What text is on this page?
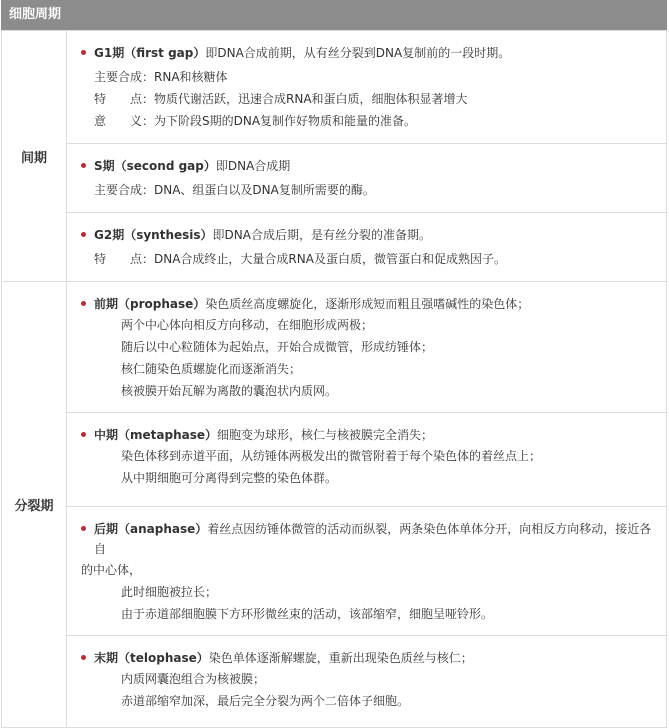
细胞周期
间期	G1期（first gap）即DNA合成前期，从有丝分裂到DNA复制前的一段时期。
主要合成：RNA和核糖体
特　　点：物质代谢活跃，迅速合成RNA和蛋白质，细胞体积显著增大
意　　义：为下阶段S期的DNA复制作好物质和能量的准备。

S期（second gap）即DNA合成期
主要合成：DNA、组蛋白以及DNA复制所需要的酶。

G2期（synthesis）即DNA合成后期，是有丝分裂的准备期。
特　　点：DNA合成终止，大量合成RNA及蛋白质，微管蛋白和促成熟因子。

分裂期	前期（prophase）染色质丝高度螺旋化，逐渐形成短而粗且强嗜碱性的染色体；
两个中心体向相反方向移动，在细胞形成两极；
随后以中心粒随体为起始点，开始合成微管，形成纺锤体；
核仁随染色质螺旋化而逐渐消失；
核被膜开始瓦解为离散的囊泡状内质网。

中期（metaphase）细胞变为球形，核仁与核被膜完全消失；
染色体移到赤道平面，从纺锤体两极发出的微管附着于每个染色体的着丝点上；
从中期细胞可分离得到完整的染色体群。

后期（anaphase）着丝点因纺锤体微管的活动而纵裂，两条染色体单体分开，向相反方向移动，接近各自
的中心体，
此时细胞被拉长；
由于赤道部细胞膜下方环形微丝束的活动，该部缩窄，细胞呈哑铃形。

末期（telophase）染色单体逐渐解螺旋，重新出现染色质丝与核仁；
内质网囊泡组合为核被膜；
赤道部缩窄加深，最后完全分裂为两个二倍体子细胞。
